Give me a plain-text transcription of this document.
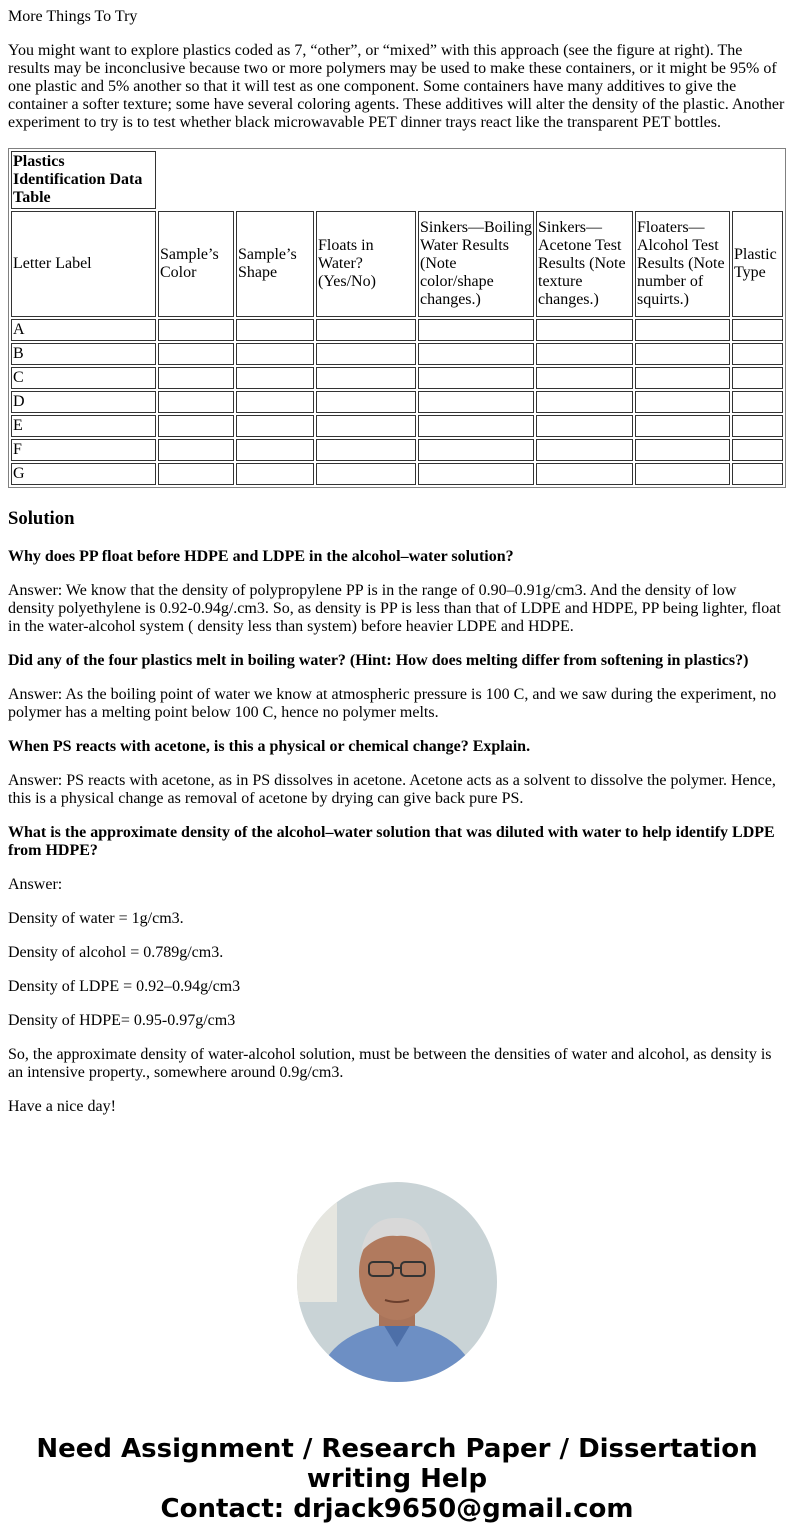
More Things To Try

You might want to explore plastics coded as 7, “other”, or “mixed” with this approach (see the figure at right). The results may be inconclusive because two or more polymers may be used to make these containers, or it might be 95% of one plastic and 5% another so that it will test as one component. Some containers have many additives to give the container a softer texture; some have several coloring agents. These additives will alter the density of the plastic. Another experiment to try is to test whether black microwavable PET dinner trays react like the transparent PET bottles.

Plastics Identification Data Table							
Letter Label	Sample’s Color	Sample’s Shape	Floats in Water? (Yes/No)	Sinkers—Boiling Water Results (Note color/shape changes.)	Sinkers—Acetone Test Results (Note texture changes.)	Floaters—Alcohol Test Results (Note number of squirts.)	Plastic Type
A							
B							
C							
D							
E							
F							
G							
Solution

Why does PP float before HDPE and LDPE in the alcohol–water solution?

Answer: We know that the density of polypropylene PP is in the range of 0.90–0.91g/cm3. And the density of low density polyethylene is 0.92-0.94g/.cm3. So, as density is PP is less than that of LDPE and HDPE, PP being lighter, float in the water-alcohol system ( density less than system) before heavier LDPE and HDPE.

Did any of the four plastics melt in boiling water? (Hint: How does melting differ from softening in plastics?)

Answer: As the boiling point of water we know at atmospheric pressure is 100 C, and we saw during the experiment, no polymer has a melting point below 100 C, hence no polymer melts.

When PS reacts with acetone, is this a physical or chemical change? Explain.

Answer: PS reacts with acetone, as in PS dissolves in acetone. Acetone acts as a solvent to dissolve the polymer. Hence, this is a physical change as removal of acetone by drying can give back pure PS.

What is the approximate density of the alcohol–water solution that was diluted with water to help identify LDPE from HDPE?

Answer:

Density of water = 1g/cm3.

Density of alcohol = 0.789g/cm3.

Density of LDPE = 0.92–0.94g/cm3

Density of HDPE= 0.95-0.97g/cm3

So, the approximate density of water-alcohol solution, must be between the densities of water and alcohol, as density is an intensive property., somewhere around 0.9g/cm3.

Have a nice day!

Need Assignment / Research Paper / Dissertation writing Help
Contact: drjack9650@gmail.com
